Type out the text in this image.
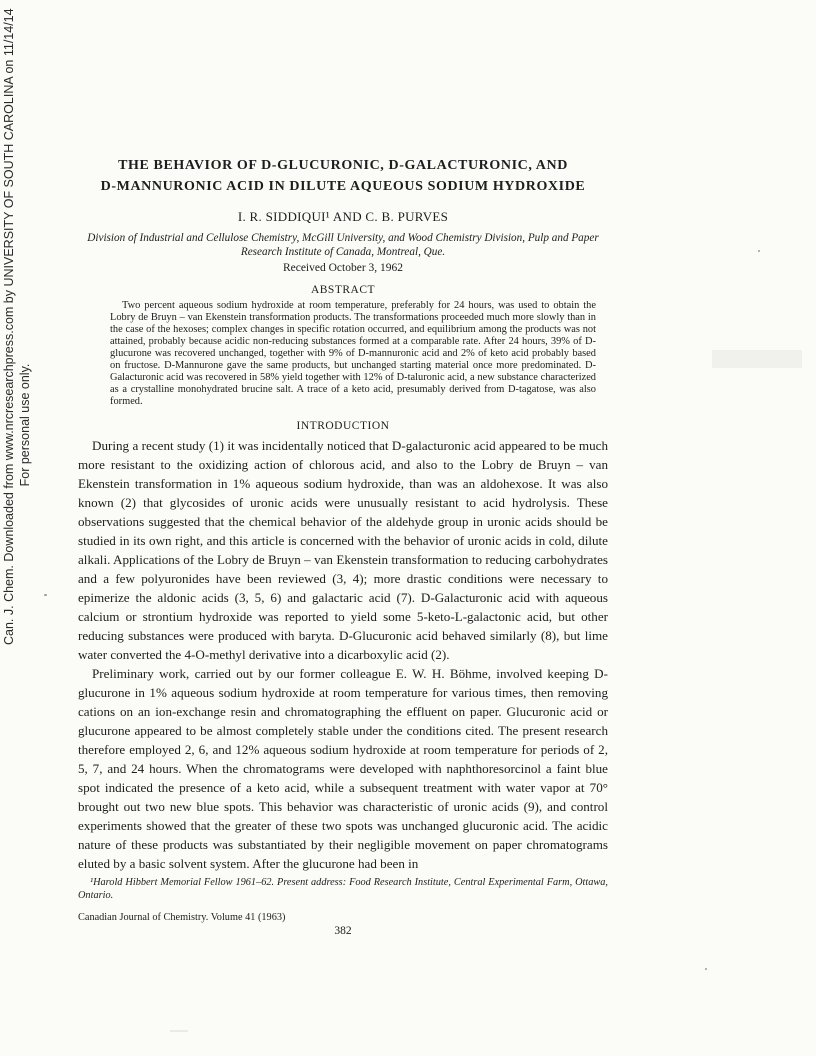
Can. J. Chem. Downloaded from www.nrcresearchpress.com by UNIVERSITY OF SOUTH CAROLINA on 11/14/14 For personal use only.
THE BEHAVIOR OF D-GLUCURONIC, D-GALACTURONIC, AND
D-MANNURONIC ACID IN DILUTE AQUEOUS SODIUM HYDROXIDE
I. R. SIDDIQUI¹ AND C. B. PURVES
Division of Industrial and Cellulose Chemistry, McGill University, and Wood Chemistry Division, Pulp and Paper Research Institute of Canada, Montreal, Que.
Received October 3, 1962
ABSTRACT

Two percent aqueous sodium hydroxide at room temperature, preferably for 24 hours, was used to obtain the Lobry de Bruyn – van Ekenstein transformation products. The transformations proceeded much more slowly than in the case of the hexoses; complex changes in specific rotation occurred, and equilibrium among the products was not attained, probably because acidic non-reducing substances formed at a comparable rate. After 24 hours, 39% of D-glucurone was recovered unchanged, together with 9% of D-mannuronic acid and 2% of keto acid probably based on fructose. D-Mannurone gave the same products, but unchanged starting material once more predominated. D-Galacturonic acid was recovered in 58% yield together with 12% of D-taluronic acid, a new substance characterized as a crystalline monohydrated brucine salt. A trace of a keto acid, presumably derived from D-tagatose, was also formed.

INTRODUCTION

During a recent study (1) it was incidentally noticed that D-galacturonic acid appeared to be much more resistant to the oxidizing action of chlorous acid, and also to the Lobry de Bruyn – van Ekenstein transformation in 1% aqueous sodium hydroxide, than was an aldohexose. It was also known (2) that glycosides of uronic acids were unusually resistant to acid hydrolysis. These observations suggested that the chemical behavior of the aldehyde group in uronic acids should be studied in its own right, and this article is concerned with the behavior of uronic acids in cold, dilute alkali. Applications of the Lobry de Bruyn – van Ekenstein transformation to reducing carbohydrates and a few polyuronides have been reviewed (3, 4); more drastic conditions were necessary to epimerize the aldonic acids (3, 5, 6) and galactaric acid (7). D-Galacturonic acid with aqueous calcium or strontium hydroxide was reported to yield some 5-keto-L-galactonic acid, but other reducing substances were produced with baryta. D-Glucuronic acid behaved similarly (8), but lime water converted the 4-O-methyl derivative into a dicarboxylic acid (2).

Preliminary work, carried out by our former colleague E. W. H. Böhme, involved keeping D-glucurone in 1% aqueous sodium hydroxide at room temperature for various times, then removing cations on an ion-exchange resin and chromatographing the effluent on paper. Glucuronic acid or glucurone appeared to be almost completely stable under the conditions cited. The present research therefore employed 2, 6, and 12% aqueous sodium hydroxide at room temperature for periods of 2, 5, 7, and 24 hours. When the chromatograms were developed with naphthoresorcinol a faint blue spot indicated the presence of a keto acid, while a subsequent treatment with water vapor at 70° brought out two new blue spots. This behavior was characteristic of uronic acids (9), and control experiments showed that the greater of these two spots was unchanged glucuronic acid. The acidic nature of these products was substantiated by their negligible movement on paper chromatograms eluted by a basic solvent system. After the glucurone had been in

¹Harold Hibbert Memorial Fellow 1961–62. Present address: Food Research Institute, Central Experimental Farm, Ottawa, Ontario.

Canadian Journal of Chemistry. Volume 41 (1963)
382
